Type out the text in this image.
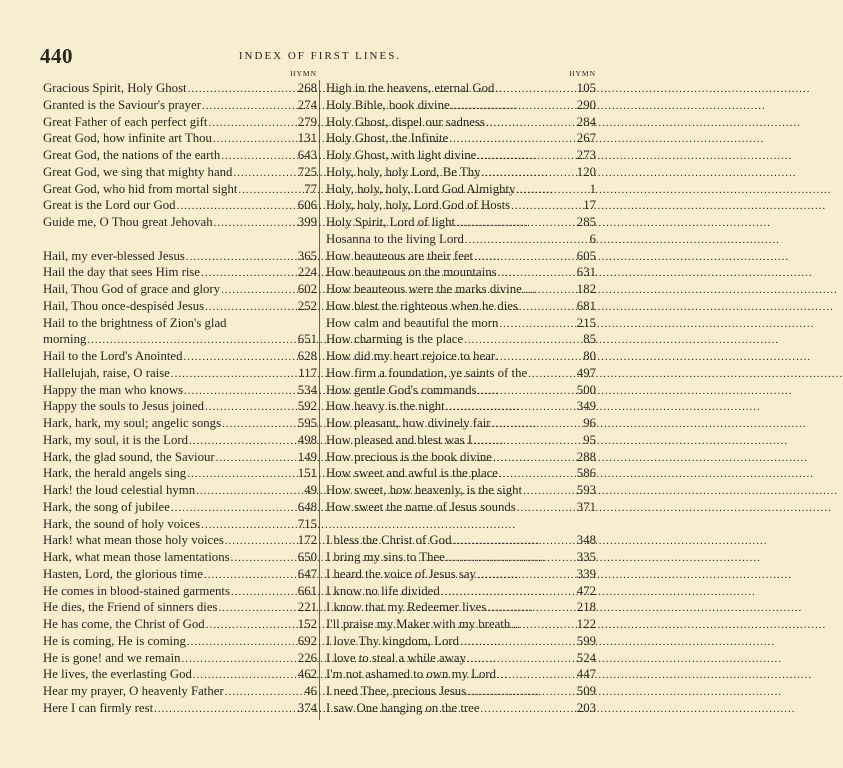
440	INDEX OF FIRST LINES.
HYMN
Gracious Spirit, Holy Ghost .....	268
Granted is the Saviour's prayer .....	274
Great Father of each perfect gift .....	279
Great God, how infinite art Thou .....	131
Great God, the nations of the earth .....	643
Great God, we sing that mighty hand .....	725
Great God, who hid from mortal sight .....	77
Great is the Lord our God .....	606
Guide me, O Thou great Jehovah .....	399
Hail, my ever-blessed Jesus .....	365
Hail the day that sees Him rise .....	224
Hail, Thou God of grace and glory .....	602
Hail, Thou once-despiséd Jesus .....	252
Hail to the brightness of Zion's glad
morning .....	651
Hail to the Lord's Anointed .....	628
Hallelujah, raise, O raise .....	117
Happy the man who knows .....	534
Happy the souls to Jesus joined .....	592
Hark, hark, my soul; angelic songs .....	595
Hark, my soul, it is the Lord .....	498
Hark, the glad sound, the Saviour .....	149
Hark, the herald angels sing .....	151
Hark! the loud celestial hymn .....	49
Hark, the song of jubilee .....	648
Hark, the sound of holy voices .....	715
Hark! what mean those holy voices .....	172
Hark, what mean those lamentations .....	650
Hasten, Lord, the glorious time .....	647
He comes in blood-stained garments .....	661
He dies, the Friend of sinners dies .....	221
He has come, the Christ of God .....	152
He is coming, He is coming .....	692
He is gone! and we remain .....	226
He lives, the everlasting God .....	462
Hear my prayer, O heavenly Father .....	46
Here I can firmly rest .....	374
HYMN
High in the heavens, eternal God .....	105
Holy Bible, book divine .....	290
Holy Ghost, dispel our sadness .....	284
Holy Ghost, the Infinite .....	267
Holy Ghost, with light divine .....	273
Holy, holy, holy Lord, Be Thy .....	120
Holy, holy, holy, Lord God Almighty .....	1
Holy, holy, holy, Lord God of Hosts .....	17
Holy Spirit, Lord of light .....	285
Hosanna to the living Lord .....	6
How beauteous are their feet .....	605
How beauteous on the mountains .....	631
How beauteous were the marks divine .....	182
How blest the righteous when he dies .....	681
How calm and beautiful the morn .....	215
How charming is the place .....	85
How did my heart rejoice to hear .....	80
How firm a foundation, ye saints of the .....	497
How gentle God's commands .....	500
How heavy is the night .....	349
How pleasant, how divinely fair .....	96
How pleased and blest was I .....	95
How precious is the book divine .....	288
How sweet and awful is the place .....	586
How sweet, how heavenly, is the sight .....	593
How sweet the name of Jesus sounds .....	371
I bless the Christ of God .....	348
I bring my sins to Thee .....	335
I heard the voice of Jesus say .....	339
I know no life divided .....	472
I know that my Redeemer lives .....	218
I'll praise my Maker with my breath .....	122
I love Thy kingdom, Lord .....	599
I love to steal a while away .....	524
I'm not ashamed to own my Lord .....	447
I need Thee, precious Jesus .....	509
I saw One hanging on the tree .....	203
